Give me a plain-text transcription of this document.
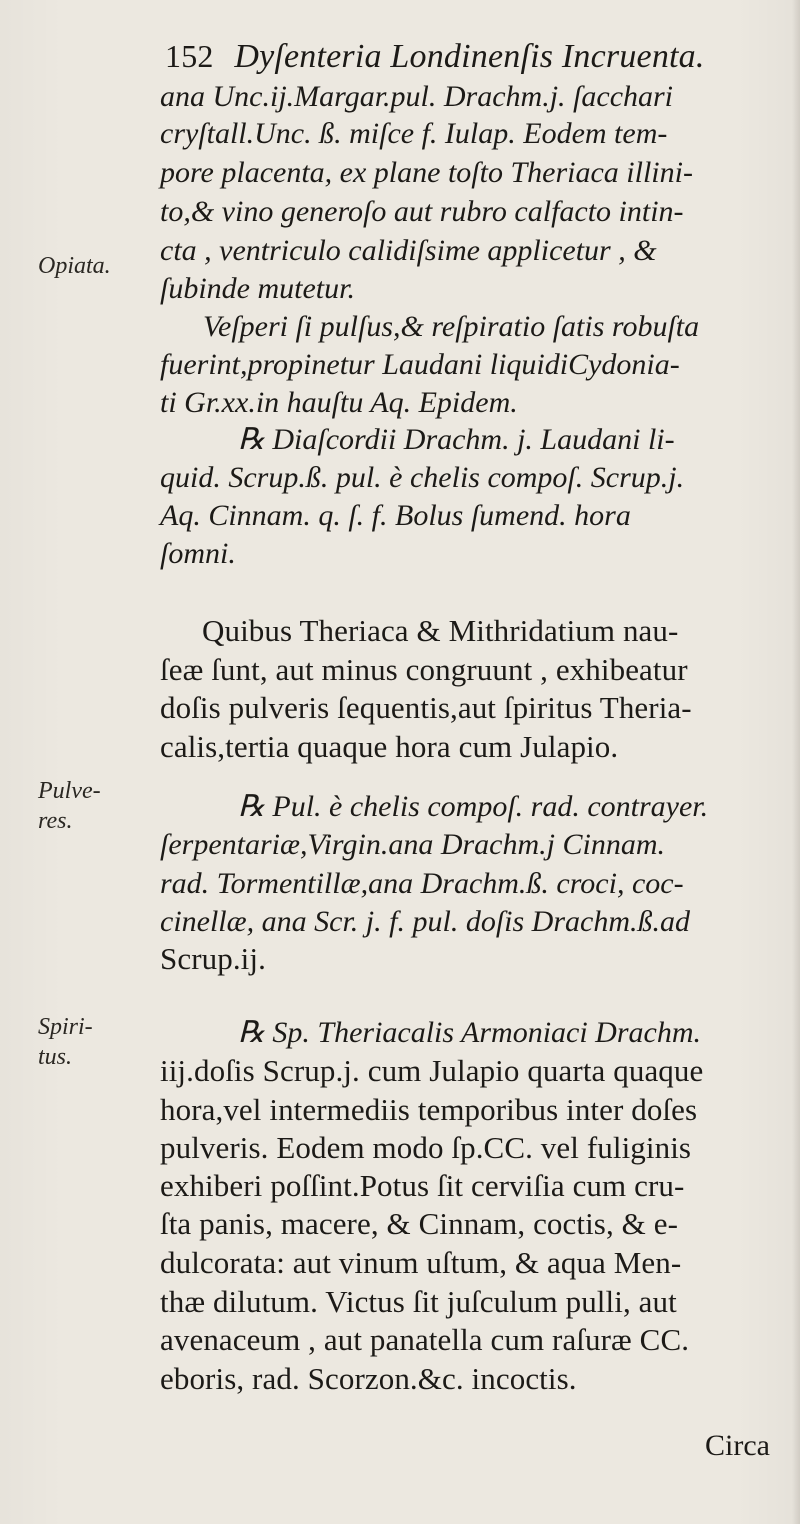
152 Dyſenteria Londinenſis Incruenta.
Opiata.
Pulve-
res.
Spiri-
tus.
ana Unc.ij.Margar.pul. Drachm.j. ſacchari
cryſtall.Unc. ß. miſce f. Iulap. Eodem tem-
pore placenta, ex plane toſto Theriaca illini-
to,& vino generoſo aut rubro calfacto intin-
cta , ventriculo calidiſsime applicetur , &
ſubinde mutetur.
Veſperi ſi pulſus,& reſpiratio ſatis robuſta
fuerint,propinetur Laudani liquidiCydonia-
ti Gr.xx.in hauſtu Aq. Epidem.
℞ Diaſcordii Drachm. j. Laudani li-
quid. Scrup.ß. pul. è chelis compoſ. Scrup.j.
Aq. Cinnam. q. ſ. f. Bolus ſumend. hora
ſomni.
Quibus Theriaca & Mithridatium nau-
ſeæ ſunt, aut minus congruunt , exhibeatur
doſis pulveris ſequentis,aut ſpiritus Theria-
calis,tertia quaque hora cum Julapio.
℞ Pul. è chelis compoſ. rad. contrayer.
ſerpentariæ,Virgin.ana Drachm.j Cinnam.
rad. Tormentillæ,ana Drachm.ß. croci, coc-
cinellæ, ana Scr. j. f. pul. doſis Drachm.ß.ad
Scrup.ij.
℞ Sp. Theriacalis Armoniaci Drachm.
iij.doſis Scrup.j. cum Julapio quarta quaque
hora,vel intermediis temporibus inter doſes
pulveris. Eodem modo ſp.CC. vel fuliginis
exhiberi poſſint.Potus ſit cerviſia cum cru-
ſta panis, macere, & Cinnam, coctis, & e-
dulcorata: aut vinum uſtum, & aqua Men-
thæ dilutum. Victus ſit juſculum pulli, aut
avenaceum , aut panatella cum raſuræ CC.
eboris, rad. Scorzon.&c. incoctis.
Circa
